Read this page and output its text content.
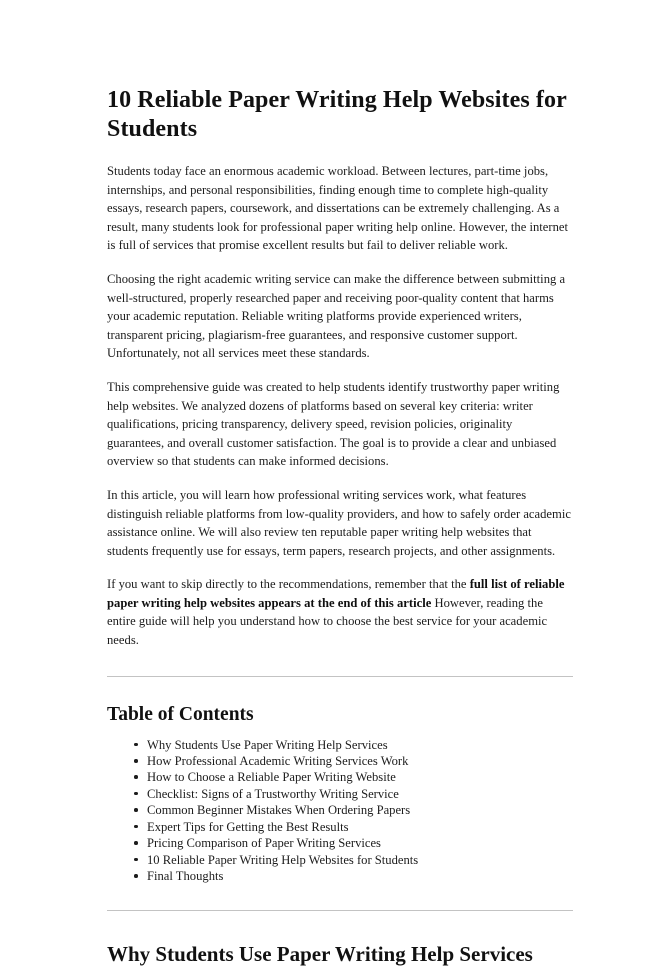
10 Reliable Paper Writing Help Websites for Students

Students today face an enormous academic workload. Between lectures, part-time jobs, internships, and personal responsibilities, finding enough time to complete high-quality essays, research papers, coursework, and dissertations can be extremely challenging. As a result, many students look for professional paper writing help online. However, the internet is full of services that promise excellent results but fail to deliver reliable work.

Choosing the right academic writing service can make the difference between submitting a well-structured, properly researched paper and receiving poor-quality content that harms your academic reputation. Reliable writing platforms provide experienced writers, transparent pricing, plagiarism-free guarantees, and responsive customer support. Unfortunately, not all services meet these standards.

This comprehensive guide was created to help students identify trustworthy paper writing help websites. We analyzed dozens of platforms based on several key criteria: writer qualifications, pricing transparency, delivery speed, revision policies, originality guarantees, and overall customer satisfaction. The goal is to provide a clear and unbiased overview so that students can make informed decisions.

In this article, you will learn how professional writing services work, what features distinguish reliable platforms from low-quality providers, and how to safely order academic assistance online. We will also review ten reputable paper writing help websites that students frequently use for essays, term papers, research projects, and other assignments.

If you want to skip directly to the recommendations, remember that the full list of reliable paper writing help websites appears at the end of this article However, reading the entire guide will help you understand how to choose the best service for your academic needs.

Table of Contents
Why Students Use Paper Writing Help Services
How Professional Academic Writing Services Work
How to Choose a Reliable Paper Writing Website
Checklist: Signs of a Trustworthy Writing Service
Common Beginner Mistakes When Ordering Papers
Expert Tips for Getting the Best Results
Pricing Comparison of Paper Writing Services
10 Reliable Paper Writing Help Websites for Students
Final Thoughts
Why Students Use Paper Writing Help Services
